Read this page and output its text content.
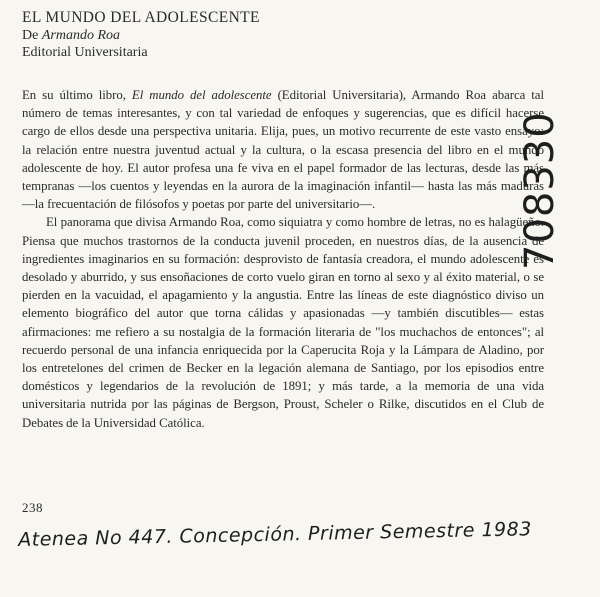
EL MUNDO DEL ADOLESCENTE

De Armando Roa

Editorial Universitaria

En su último libro, El mundo del adolescente (Editorial Universitaria), Armando Roa abarca tal número de temas interesantes, y con tal variedad de enfoques y sugerencias, que es difícil hacerse cargo de ellos desde una perspectiva unitaria. Elija, pues, un motivo recurrente de este vasto ensayo: la relación entre nuestra juventud actual y la cultura, o la escasa presencia del libro en el mundo adolescente de hoy. El autor profesa una fe viva en el papel formador de las lecturas, desde las más tempranas —los cuentos y leyendas en la aurora de la imaginación infantil— hasta las más maduras —la frecuentación de filósofos y poetas por parte del universitario—.

El panorama que divisa Armando Roa, como siquiatra y como hombre de letras, no es halagüeño. Piensa que muchos trastornos de la conducta juvenil proceden, en nuestros días, de la ausencia de ingredientes imaginarios en su formación: desprovisto de fantasía creadora, el mundo adolescente es desolado y aburrido, y sus ensoñaciones de corto vuelo giran en torno al sexo y al éxito material, o se pierden en la vacuidad, el apagamiento y la angustia. Entre las líneas de este diagnóstico diviso un elemento biográfico del autor que torna cálidas y apasionadas —y también discutibles— estas afirmaciones: me refiero a su nostalgia de la formación literaria de "los muchachos de entonces"; al recuerdo personal de una infancia enriquecida por la Caperucita Roja y la Lámpara de Aladino, por los entretelones del crimen de Becker en la legación alemana de Santiago, por los episodios entre domésticos y legendarios de la revolución de 1891; y más tarde, a la memoria de una vida universitaria nutrida por las páginas de Bergson, Proust, Scheler o Rilke, discutidos en el Club de Debates de la Universidad Católica.

238
Atenea No 447. Concepción. Primer Semestre 1983
708330
